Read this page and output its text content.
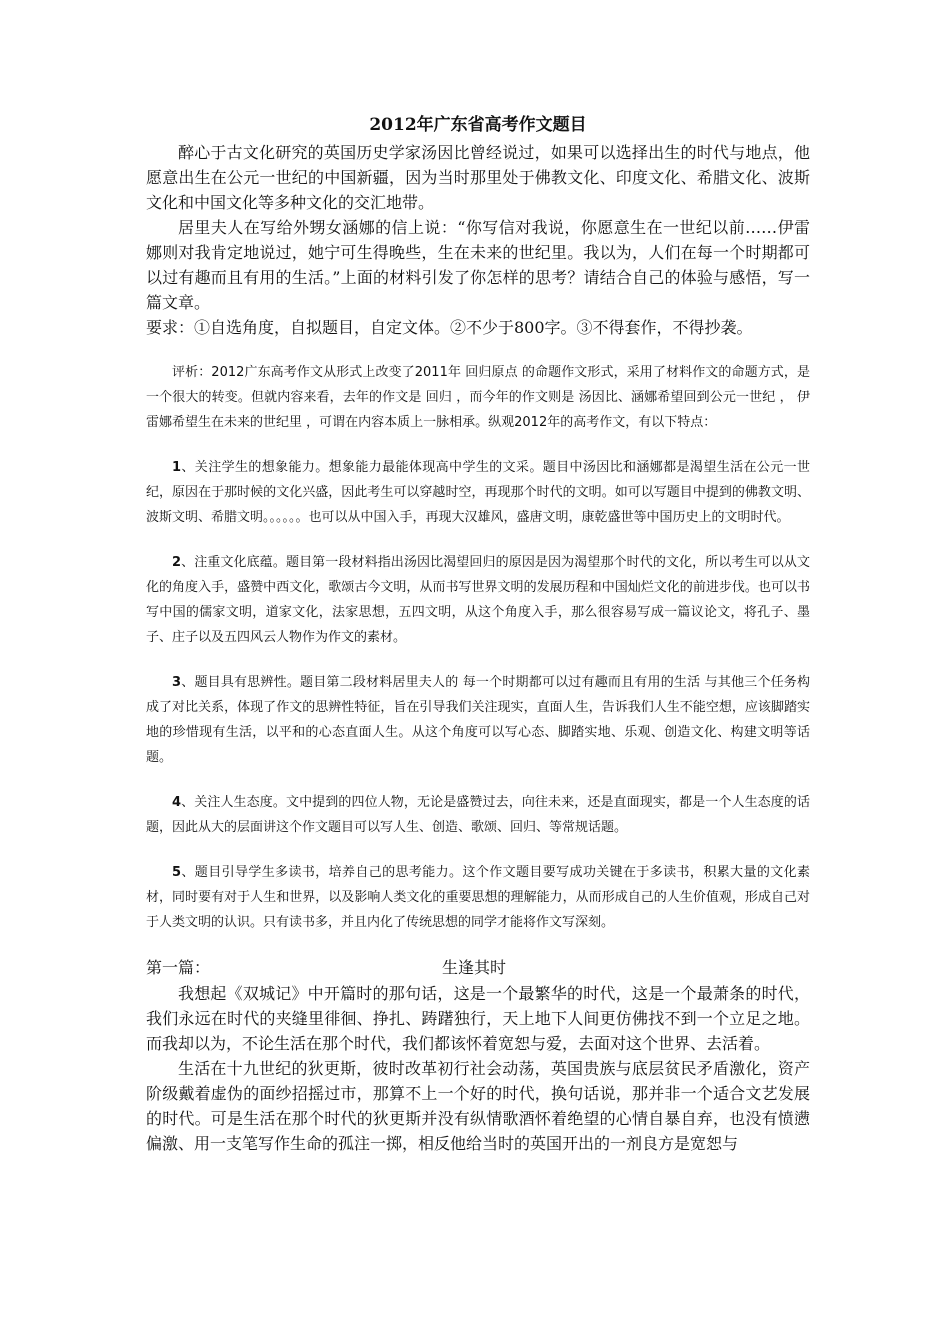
2012年广东省高考作文题目

醉心于古文化研究的英国历史学家汤因比曾经说过，如果可以选择出生的时代与地点，他愿意出生在公元一世纪的中国新疆，因为当时那里处于佛教文化、印度文化、希腊文化、波斯文化和中国文化等多种文化的交汇地带。

居里夫人在写给外甥女涵娜的信上说：“你写信对我说，你愿意生在一世纪以前……伊雷娜则对我肯定地说过，她宁可生得晚些，生在未来的世纪里。我以为，人们在每一个时期都可以过有趣而且有用的生活。”上面的材料引发了你怎样的思考？请结合自己的体验与感悟，写一篇文章。

要求：①自选角度，自拟题目，自定文体。②不少于800字。③不得套作，不得抄袭。

评析：2012广东高考作文从形式上改变了2011年 回归原点 的命题作文形式，采用了材料作文的命题方式，是一个很大的转变。但就内容来看，去年的作文是 回归 ，而今年的作文则是 汤因比、涵娜希望回到公元一世纪 ， 伊雷娜希望生在未来的世纪里 ，可谓在内容本质上一脉相承。纵观2012年的高考作文，有以下特点：

1、关注学生的想象能力。想象能力最能体现高中学生的文采。题目中汤因比和涵娜都是渴望生活在公元一世纪，原因在于那时候的文化兴盛，因此考生可以穿越时空，再现那个时代的文明。如可以写题目中提到的佛教文明、波斯文明、希腊文明。。。。。。也可以从中国入手，再现大汉雄风，盛唐文明，康乾盛世等中国历史上的文明时代。

2、注重文化底蕴。题目第一段材料指出汤因比渴望回归的原因是因为渴望那个时代的文化，所以考生可以从文化的角度入手，盛赞中西文化，歌颂古今文明，从而书写世界文明的发展历程和中国灿烂文化的前进步伐。也可以书写中国的儒家文明，道家文化，法家思想，五四文明，从这个角度入手，那么很容易写成一篇议论文，将孔子、墨子、庄子以及五四风云人物作为作文的素材。

3、题目具有思辨性。题目第二段材料居里夫人的 每一个时期都可以过有趣而且有用的生活 与其他三个任务构成了对比关系，体现了作文的思辨性特征，旨在引导我们关注现实，直面人生，告诉我们人生不能空想，应该脚踏实地的珍惜现有生活，以平和的心态直面人生。从这个角度可以写心态、脚踏实地、乐观、创造文化、构建文明等话题。

4、关注人生态度。文中提到的四位人物，无论是盛赞过去，向往未来，还是直面现实，都是一个人生态度的话题，因此从大的层面讲这个作文题目可以写人生、创造、歌颂、回归、等常规话题。

5、题目引导学生多读书，培养自己的思考能力。这个作文题目要写成功关键在于多读书，积累大量的文化素材，同时要有对于人生和世界，以及影响人类文化的重要思想的理解能力，从而形成自己的人生价值观，形成自己对于人类文明的认识。只有读书多，并且内化了传统思想的同学才能将作文写深刻。

第一篇：	生逢其时

我想起《双城记》中开篇时的那句话，这是一个最繁华的时代，这是一个最萧条的时代，我们永远在时代的夹缝里徘徊、挣扎、踌躇独行，天上地下人间更仿佛找不到一个立足之地。而我却以为，不论生活在那个时代，我们都该怀着宽恕与爱，去面对这个世界、去活着。

生活在十九世纪的狄更斯，彼时改革初行社会动荡，英国贵族与底层贫民矛盾激化，资产阶级戴着虚伪的面纱招摇过市，那算不上一个好的时代，换句话说，那并非一个适合文艺发展的时代。可是生活在那个时代的狄更斯并没有纵情歌酒怀着绝望的心情自暴自弃，也没有愤懑偏激、用一支笔写作生命的孤注一掷，相反他给当时的英国开出的一剂良方是宽恕与
